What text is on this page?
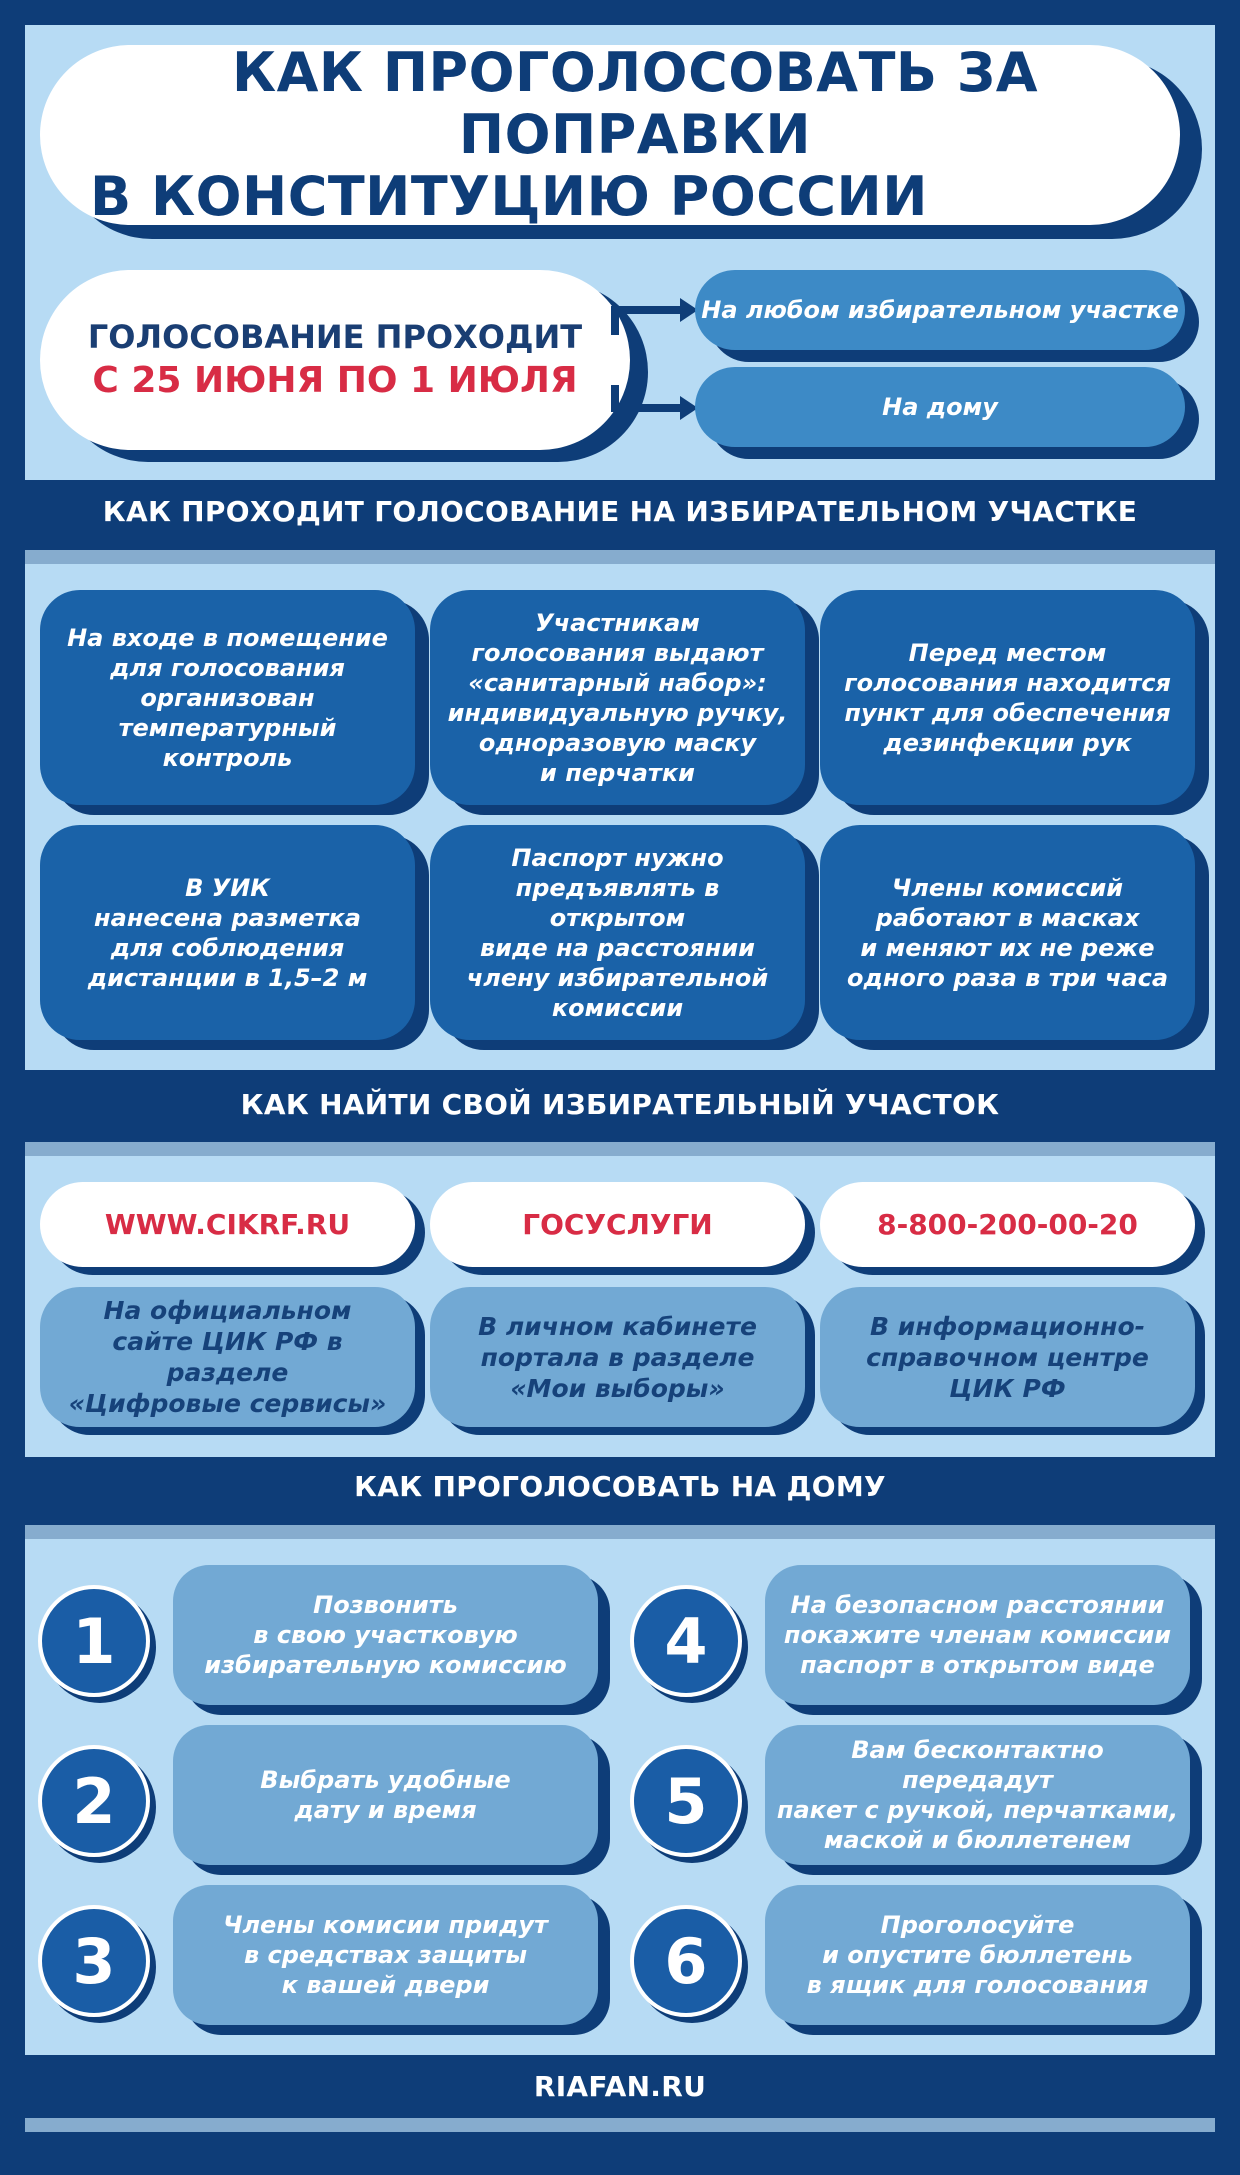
КАК ПРОГОЛОСОВАТЬ ЗА ПОПРАВКИ
В КОНСТИТУЦИЮ РОССИИ
ГОЛОСОВАНИЕ ПРОХОДИТ
С 25 ИЮНЯ ПО 1 ИЮЛЯ
На любом избирательном участке
На дому
КАК ПРОХОДИТ ГОЛОСОВАНИЕ НА ИЗБИРАТЕЛЬНОМ УЧАСТКЕ
На входе в помещение
для голосования организован
температурный контроль
Участникам
голосования выдают
«санитарный набор»:
индивидуальную ручку,
одноразовую маску
и перчатки
Перед местом
голосования находится
пункт для обеспечения
дезинфекции рук
В УИК
нанесена разметка
для соблюдения
дистанции в 1,5–2 м
Паспорт нужно
предъявлять в открытом
виде на расстоянии
члену избирательной
комиссии
Члены комиссий
работают в масках
и меняют их не реже
одного раза в три часа
КАК НАЙТИ СВОЙ ИЗБИРАТЕЛЬНЫЙ УЧАСТОК
WWW.CIKRF.RU	ГОСУСЛУГИ	8-800-200-00-20
На официальном
сайте ЦИК РФ в разделе
«Цифровые сервисы»
В личном кабинете
портала в разделе
«Мои выборы»
В информационно-
справочном центре
ЦИК РФ
КАК ПРОГОЛОСОВАТЬ НА ДОМУ
1	Позвонить
в свою участковую
избирательную комиссию
2	Выбрать удобные
дату и время
3	Члены комисии придут
в средствах защиты
к вашей двери
4	На безопасном расстоянии
покажите членам комиссии
паспорт в открытом виде
5
Вам бесконтактно передадут
пакет с ручкой, перчатками,
маской и бюллетенем
6	Проголосуйте
и опустите бюллетень
в ящик для голосования
RIAFAN.RU
